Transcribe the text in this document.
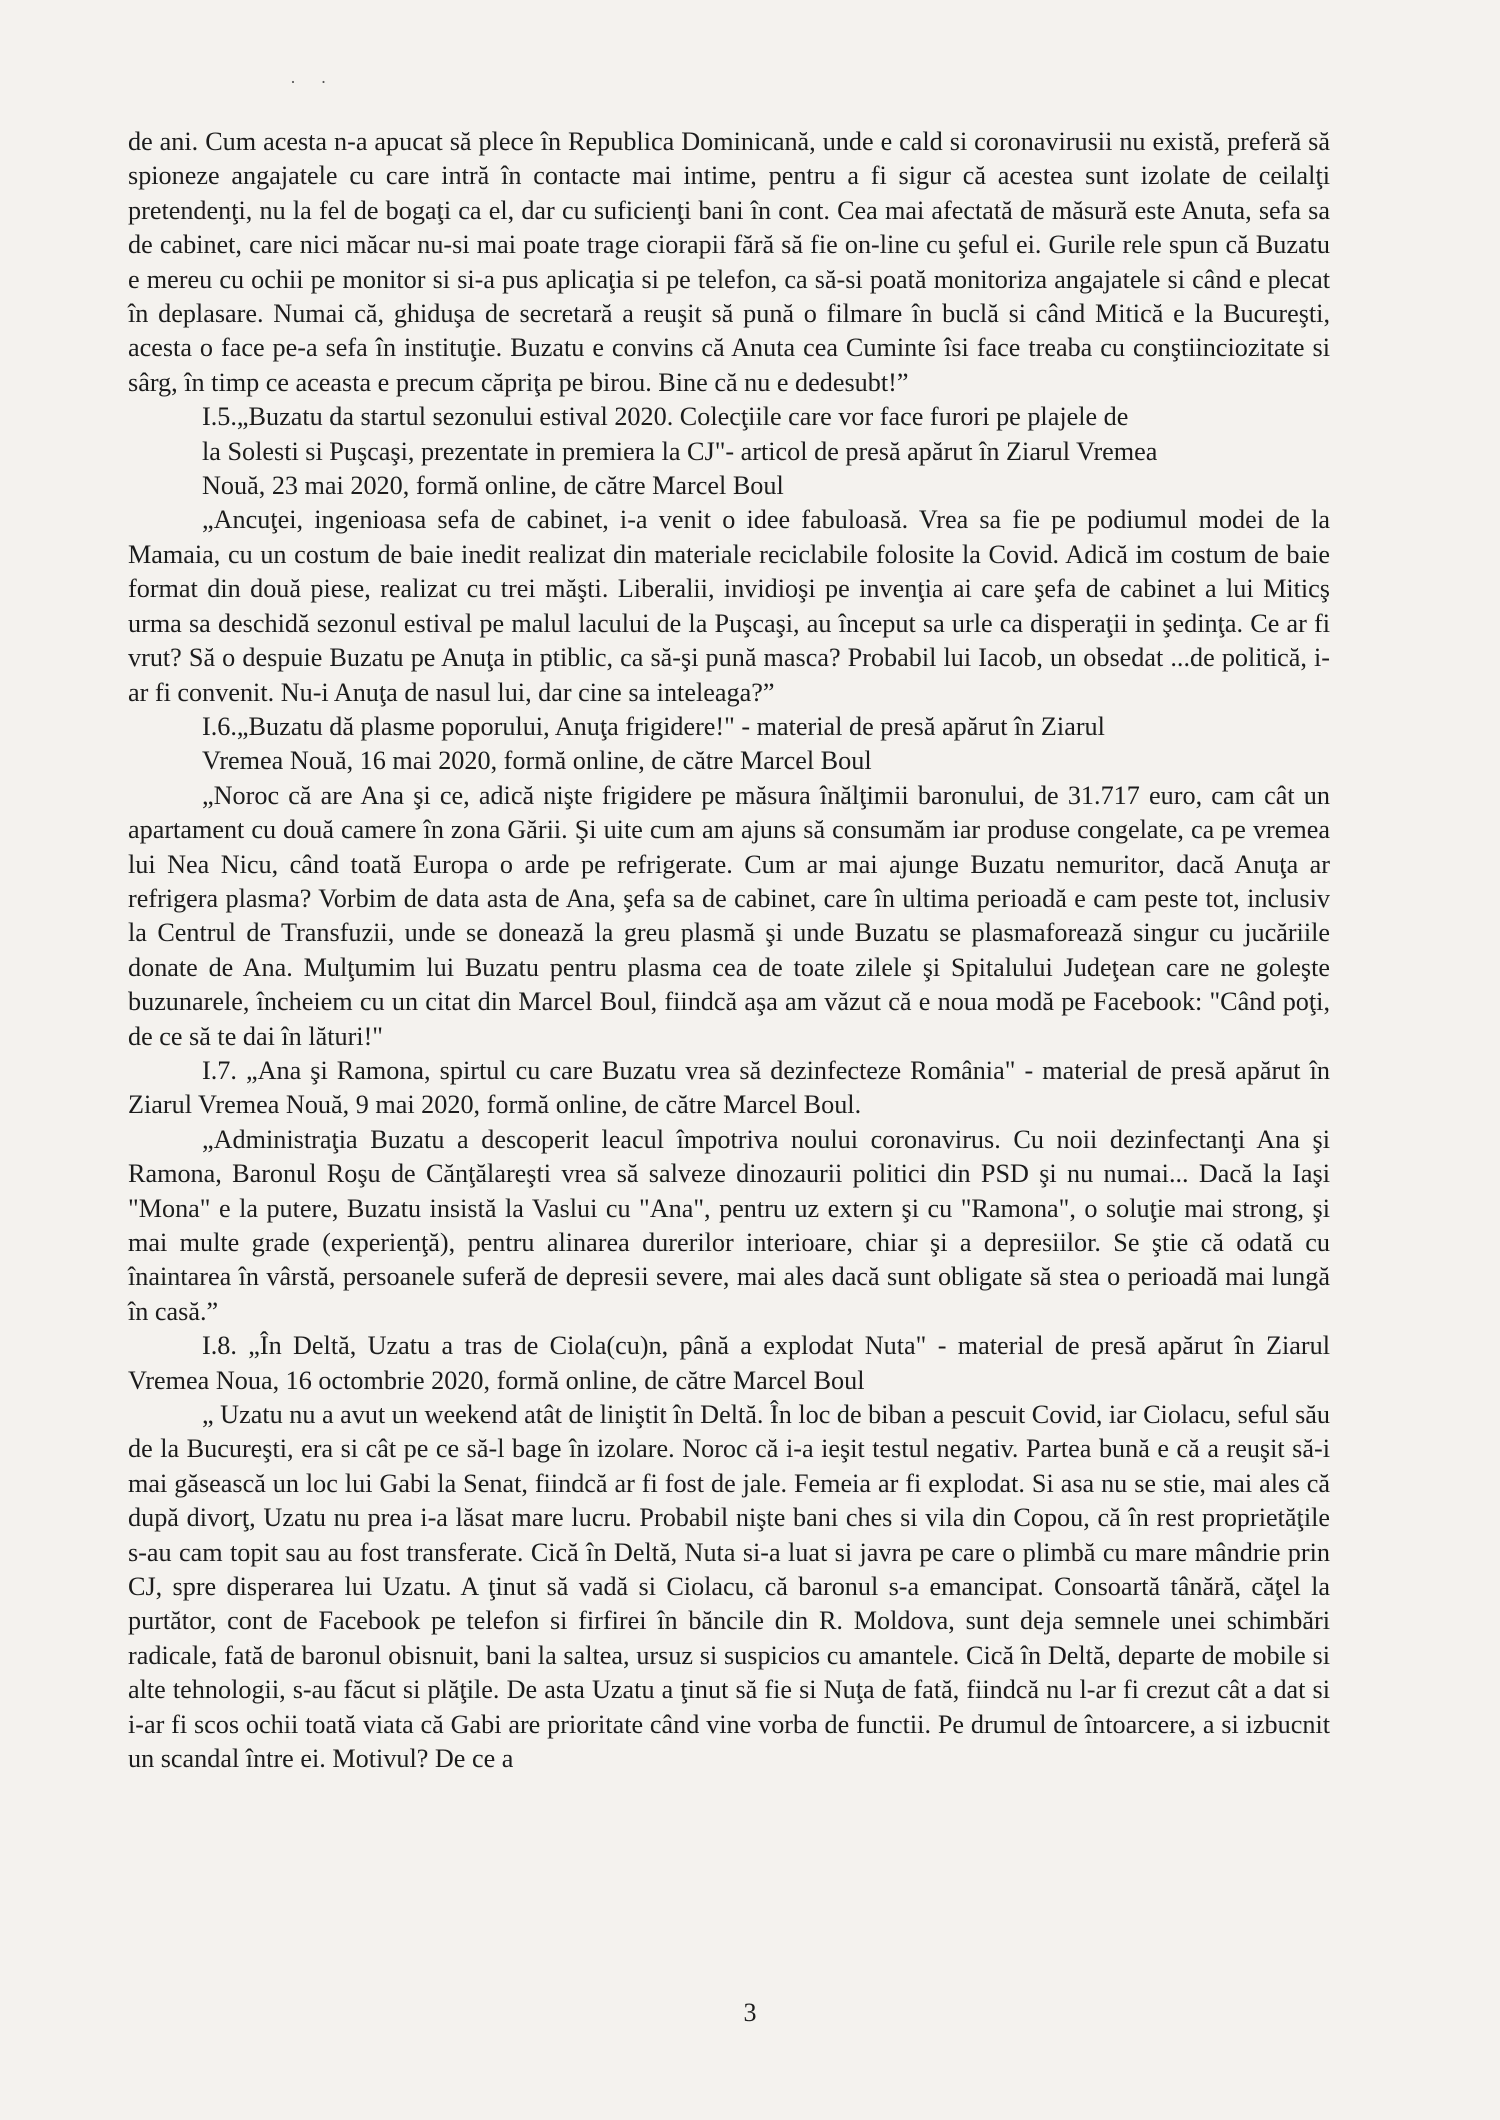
· ·

de ani. Cum acesta n-a apucat să plece în Republica Dominicană, unde e cald si coronavirusii nu există, preferă să spioneze angajatele cu care intră în contacte mai intime, pentru a fi sigur că acestea sunt izolate de ceilalţi pretendenţi, nu la fel de bogaţi ca el, dar cu suficienţi bani în cont. Cea mai afectată de măsură este Anuta, sefa sa de cabinet, care nici măcar nu-si mai poate trage ciorapii fără să fie on-line cu şeful ei. Gurile rele spun că Buzatu e mereu cu ochii pe monitor si si-a pus aplicaţia si pe telefon, ca să-si poată monitoriza angajatele si când e plecat în deplasare. Numai că, ghiduşa de secretară a reuşit să pună o filmare în buclă si când Mitică e la Bucureşti, acesta o face pe-a sefa în instituţie. Buzatu e convins că Anuta cea Cuminte îsi face treaba cu conştiinciozitate si sârg, în timp ce aceasta e precum căpriţa pe birou. Bine că nu e dedesubt!”

I.5.„Buzatu da startul sezonului estival 2020. Colecţiile care vor face furori pe plajele de

la Solesti si Puşcaşi, prezentate in premiera la CJ"- articol de presă apărut în Ziarul Vremea

Nouă, 23 mai 2020, formă online, de către Marcel Boul

„Ancuţei, ingenioasa sefa de cabinet, i-a venit o idee fabuloasă. Vrea sa fie pe podiumul modei de la Mamaia, cu un costum de baie inedit realizat din materiale reciclabile folosite la Covid. Adică im costum de baie format din două piese, realizat cu trei măşti. Liberalii, invidioşi pe invenţia ai care şefa de cabinet a lui Miticş urma sa deschidă sezonul estival pe malul lacului de la Puşcaşi, au început sa urle ca disperaţii in şedinţa. Ce ar fi vrut? Să o despuie Buzatu pe Anuţa in ptiblic, ca să-şi pună masca? Probabil lui Iacob, un obsedat ...de politică, i-ar fi convenit. Nu-i Anuţa de nasul lui, dar cine sa inteleaga?”

I.6.„Buzatu dă plasme poporului, Anuţa frigidere!" - material de presă apărut în Ziarul

Vremea Nouă, 16 mai 2020, formă online, de către Marcel Boul

„Noroc că are Ana şi ce, adică nişte frigidere pe măsura înălţimii baronului, de 31.717 euro, cam cât un apartament cu două camere în zona Gării. Şi uite cum am ajuns să consumăm iar produse congelate, ca pe vremea lui Nea Nicu, când toată Europa o arde pe refrigerate. Cum ar mai ajunge Buzatu nemuritor, dacă Anuţa ar refrigera plasma? Vorbim de data asta de Ana, şefa sa de cabinet, care în ultima perioadă e cam peste tot, inclusiv la Centrul de Transfuzii, unde se donează la greu plasmă şi unde Buzatu se plasmaforează singur cu jucăriile donate de Ana. Mulţumim lui Buzatu pentru plasma cea de toate zilele şi Spitalului Judeţean care ne goleşte buzunarele, încheiem cu un citat din Marcel Boul, fiindcă aşa am văzut că e noua modă pe Facebook: "Când poţi, de ce să te dai în lături!"

I.7. „Ana şi Ramona, spirtul cu care Buzatu vrea să dezinfecteze România" - material de presă apărut în Ziarul Vremea Nouă, 9 mai 2020, formă online, de către Marcel Boul.

„Administraţia Buzatu a descoperit leacul împotriva noului coronavirus. Cu noii dezinfectanţi Ana şi Ramona, Baronul Roşu de Cănţălareşti vrea să salveze dinozaurii politici din PSD şi nu numai... Dacă la Iaşi "Mona" e la putere, Buzatu insistă la Vaslui cu "Ana", pentru uz extern şi cu "Ramona", o soluţie mai strong, şi mai multe grade (experienţă), pentru alinarea durerilor interioare, chiar şi a depresiilor. Se ştie că odată cu înaintarea în vârstă, persoanele suferă de depresii severe, mai ales dacă sunt obligate să stea o perioadă mai lungă în casă.”

I.8. „În Deltă, Uzatu a tras de Ciola(cu)n, până a explodat Nuta" - material de presă apărut în Ziarul Vremea Noua, 16 octombrie 2020, formă online, de către Marcel Boul

„ Uzatu nu a avut un weekend atât de liniştit în Deltă. În loc de biban a pescuit Covid, iar Ciolacu, seful său de la Bucureşti, era si cât pe ce să-l bage în izolare. Noroc că i-a ieşit testul negativ. Partea bună e că a reuşit să-i mai găsească un loc lui Gabi la Senat, fiindcă ar fi fost de jale. Femeia ar fi explodat. Si asa nu se stie, mai ales că după divorţ, Uzatu nu prea i-a lăsat mare lucru. Probabil nişte bani ches si vila din Copou, că în rest proprietăţile s-au cam topit sau au fost transferate. Cică în Deltă, Nuta si-a luat si javra pe care o plimbă cu mare mândrie prin CJ, spre disperarea lui Uzatu. A ţinut să vadă si Ciolacu, că baronul s-a emancipat. Consoartă tânără, căţel la purtător, cont de Facebook pe telefon si firfirei în băncile din R. Moldova, sunt deja semnele unei schimbări radicale, fată de baronul obisnuit, bani la saltea, ursuz si suspicios cu amantele. Cică în Deltă, departe de mobile si alte tehnologii, s-au făcut si plăţile. De asta Uzatu a ţinut să fie si Nuţa de fată, fiindcă nu l-ar fi crezut cât a dat si i-ar fi scos ochii toată viata că Gabi are prioritate când vine vorba de functii. Pe drumul de întoarcere, a si izbucnit un scandal între ei. Motivul? De ce a

3
